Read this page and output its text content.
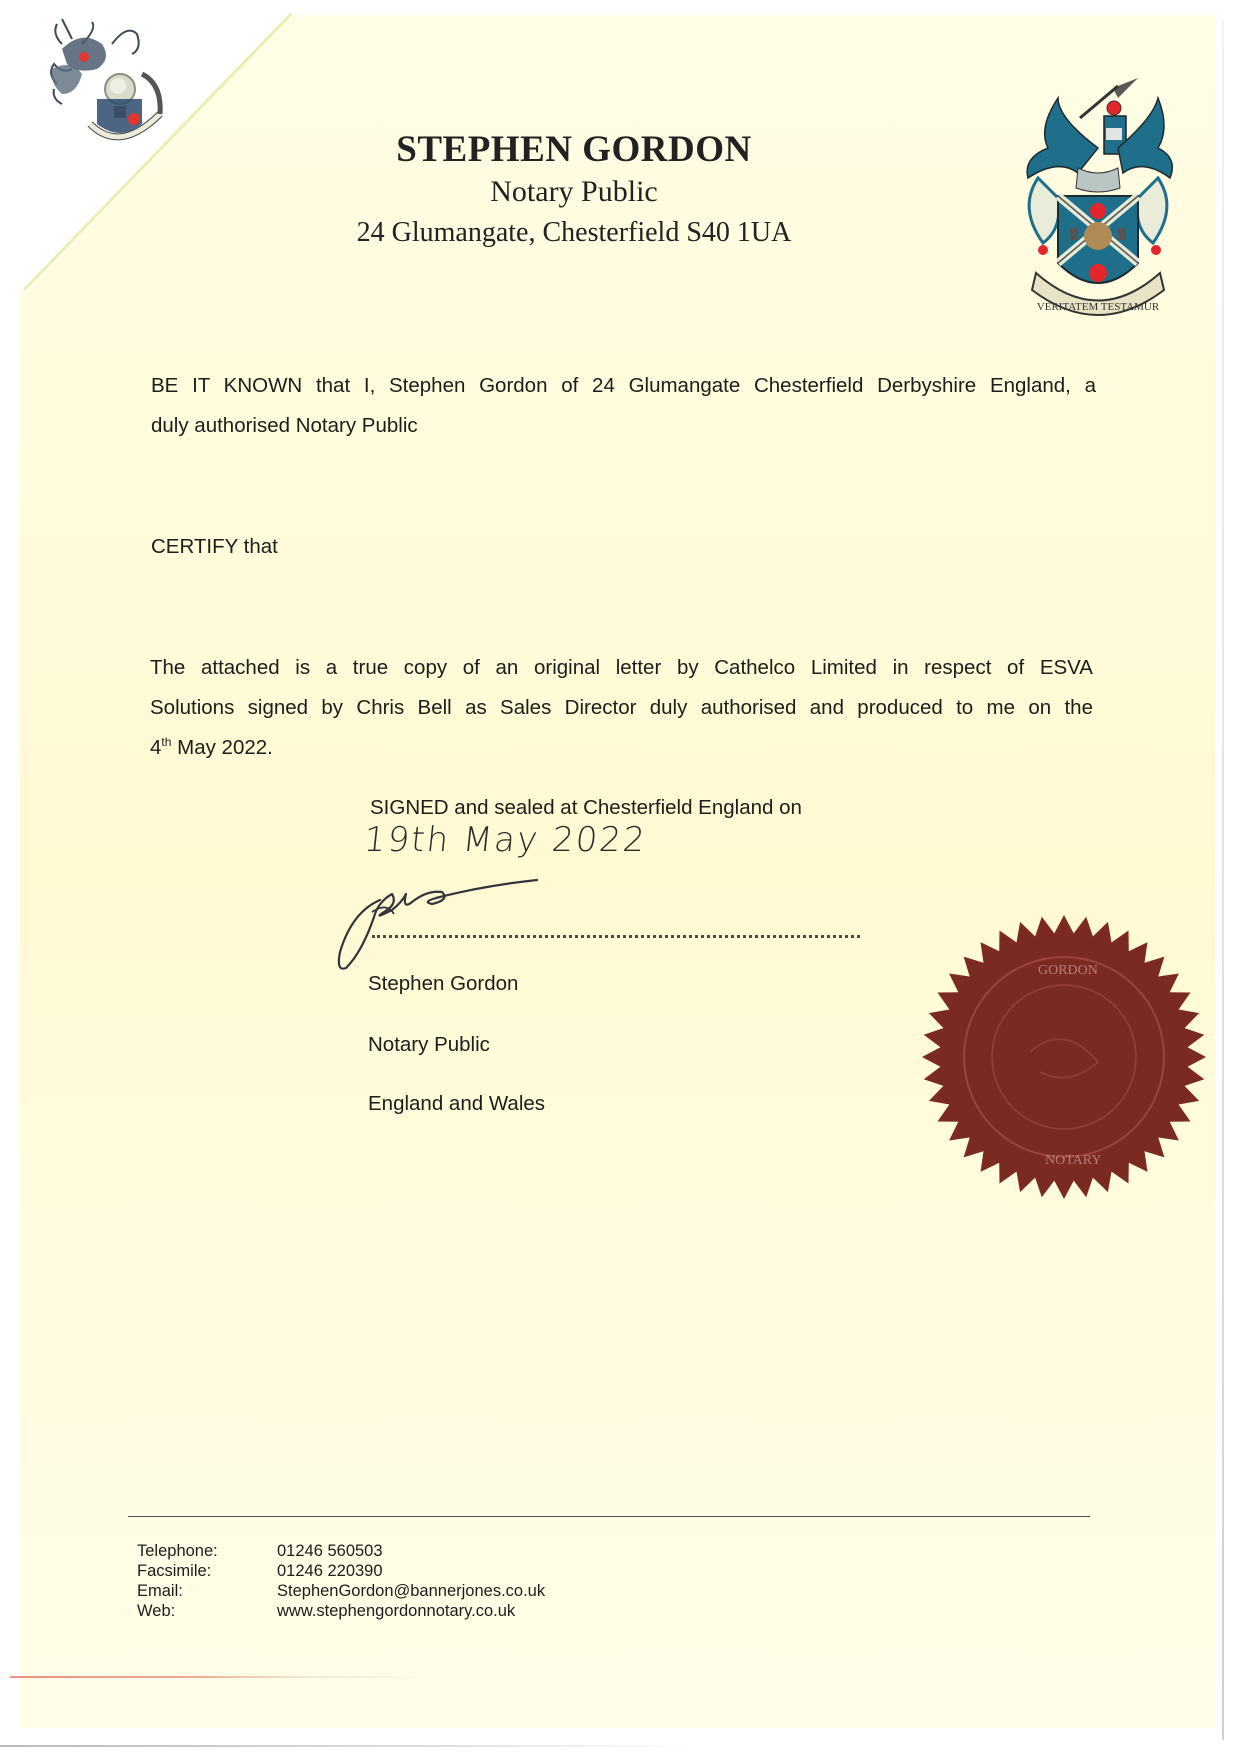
STEPHEN GORDON
Notary Public
24 Glumangate, Chesterfield S40 1UA
VERITATEM TESTAMUR
BE IT KNOWN that I, Stephen Gordon of 24 Glumangate Chesterfield Derbyshire England, a
duly authorised Notary Public
CERTIFY that
The attached is a true copy of an original letter by Cathelco Limited in respect of ESVA
Solutions signed by Chris Bell as Sales Director duly authorised and produced to me on the
4th May 2022.
SIGNED and sealed at Chesterfield England on
19th May 2022
Stephen Gordon
Notary Public
England and Wales
GORDON
NOTARY
Telephone:	01246 560503
Facsimile:	01246 220390
Email:	StephenGordon@bannerjones.co.uk
Web:	www.stephengordonnotary.co.uk
